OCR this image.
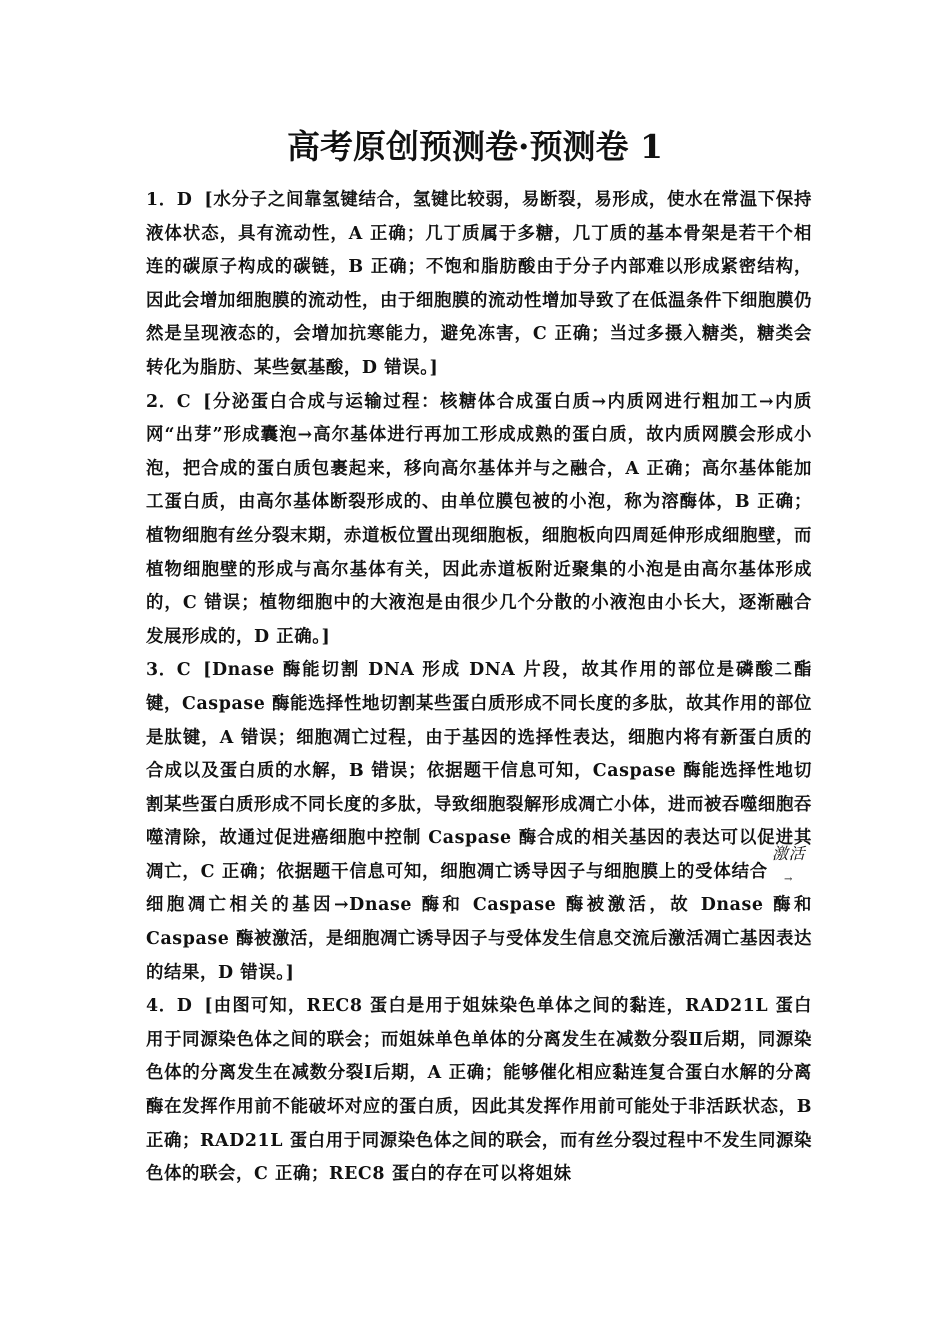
高考原创预测卷·预测卷 1

1．D [水分子之间靠氢键结合，氢键比较弱，易断裂，易形成，使水在常温下保持液体状态，具有流动性，A 正确；几丁质属于多糖，几丁质的基本骨架是若干个相连的碳原子构成的碳链，B 正确；不饱和脂肪酸由于分子内部难以形成紧密结构，因此会增加细胞膜的流动性，由于细胞膜的流动性增加导致了在低温条件下细胞膜仍然是呈现液态的，会增加抗寒能力，避免冻害，C 正确；当过多摄入糖类，糖类会转化为脂肪、某些氨基酸，D 错误。]

2．C [分泌蛋白合成与运输过程：核糖体合成蛋白质→内质网进行粗加工→内质网“出芽”形成囊泡→高尔基体进行再加工形成成熟的蛋白质，故内质网膜会形成小泡，把合成的蛋白质包裹起来，移向高尔基体并与之融合，A 正确；高尔基体能加工蛋白质，由高尔基体断裂形成的、由单位膜包被的小泡，称为溶酶体，B 正确；植物细胞有丝分裂末期，赤道板位置出现细胞板，细胞板向四周延伸形成细胞壁，而植物细胞壁的形成与高尔基体有关，因此赤道板附近聚集的小泡是由高尔基体形成的，C 错误；植物细胞中的大液泡是由很少几个分散的小液泡由小长大，逐渐融合发展形成的，D 正确。]

3．C [Dnase 酶能切割 DNA 形成 DNA 片段，故其作用的部位是磷酸二酯键，Caspase 酶能选择性地切割某些蛋白质形成不同长度的多肽，故其作用的部位是肽键，A 错误；细胞凋亡过程，由于基因的选择性表达，细胞内将有新蛋白质的合成以及蛋白质的水解，B 错误；依据题干信息可知，Caspase 酶能选择性地切割某些蛋白质形成不同长度的多肽，导致细胞裂解形成凋亡小体，进而被吞噬细胞吞噬清除，故通过促进癌细胞中控制 Caspase 酶合成的相关基因的表达可以促进其凋亡，C 正确；依据题干信息可知，细胞凋亡诱导因子与细胞膜上的受体结合
激活
→
细胞凋亡相关的基因→Dnase 酶和 Caspase 酶被激活，故 Dnase 酶和 Caspase 酶被激活，是细胞凋亡诱导因子与受体发生信息交流后激活凋亡基因表达的结果，D 错误。]

4．D [由图可知，REC8 蛋白是用于姐妹染色单体之间的黏连，RAD21L 蛋白用于同源染色体之间的联会；而姐妹单色单体的分离发生在减数分裂Ⅱ后期，同源染色体的分离发生在减数分裂Ⅰ后期，A 正确；能够催化相应黏连复合蛋白水解的分离酶在发挥作用前不能破坏对应的蛋白质，因此其发挥作用前可能处于非活跃状态，B 正确；RAD21L 蛋白用于同源染色体之间的联会，而有丝分裂过程中不发生同源染色体的联会，C 正确；REC8 蛋白的存在可以将姐妹
